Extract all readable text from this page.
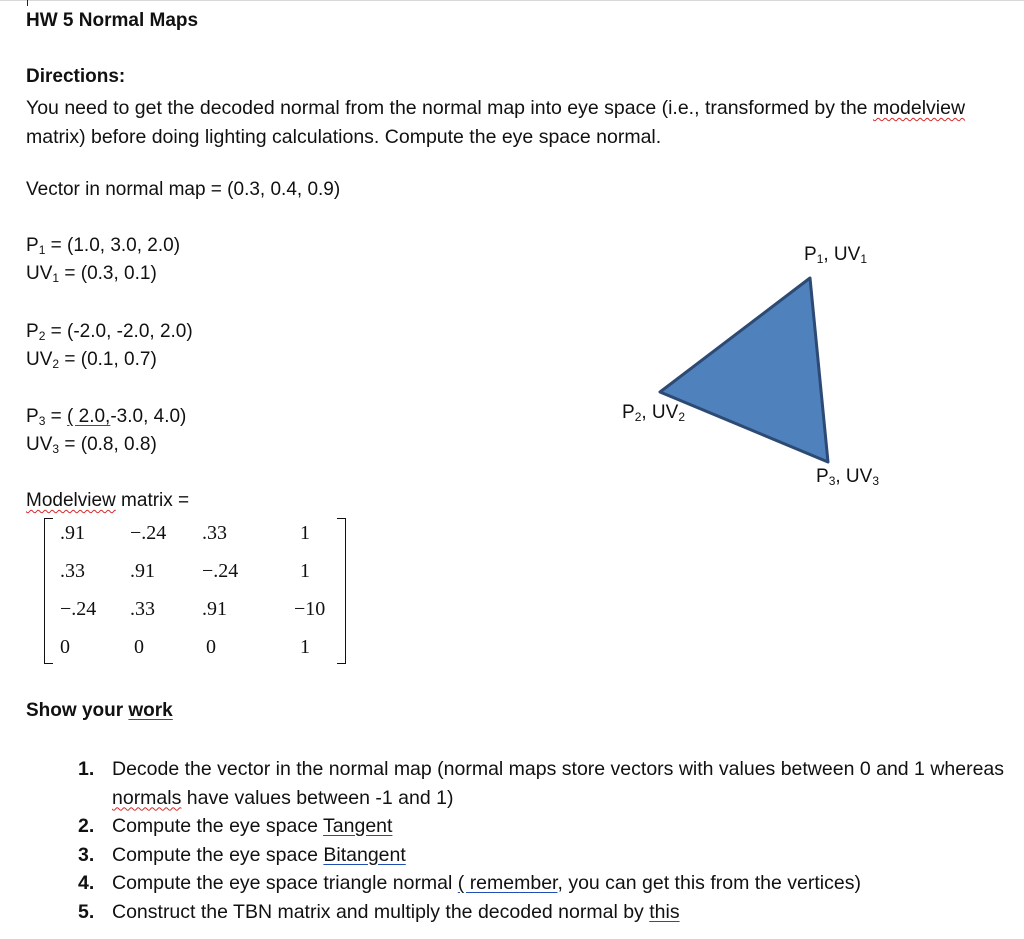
HW 5 Normal Maps
Directions:
You need to get the decoded normal from the normal map into eye space (i.e., transformed by the modelview matrix) before doing lighting calculations. Compute the eye space normal.
Vector in normal map = (0.3, 0.4, 0.9)
$P_1 = (1.0$, 3.0, 2.0)
$UV_1 = (0.3$, 0.1)
$P_2 = (-2.0$, -2.0, 2.0)
$UV_2 = (0.1$, 0.7)
$P_3$ = ( 2.0,-3.0, 4.0)
$UV_3 = (0.8$, 0.8)
Modelview matrix =
.91 −.24 .33	1
.33 .91 −.24	1
−.24 .33 .91	−10
0	0	0	1
Show your work
1. Decode the vector in the normal map (normal maps store vectors with values between 0 and 1 whereas normals have values between -1 and 1)
2. Compute the eye space Tangent
3. Compute the eye space Bitangent
4. Compute the eye space triangle normal ( remember, you can get this from the vertices)
5. Construct the TBN matrix and multiply the decoded normal by this
$P_1$, $UV_1$
$P_2$, $UV_2$
$P_3$, $UV_3$
